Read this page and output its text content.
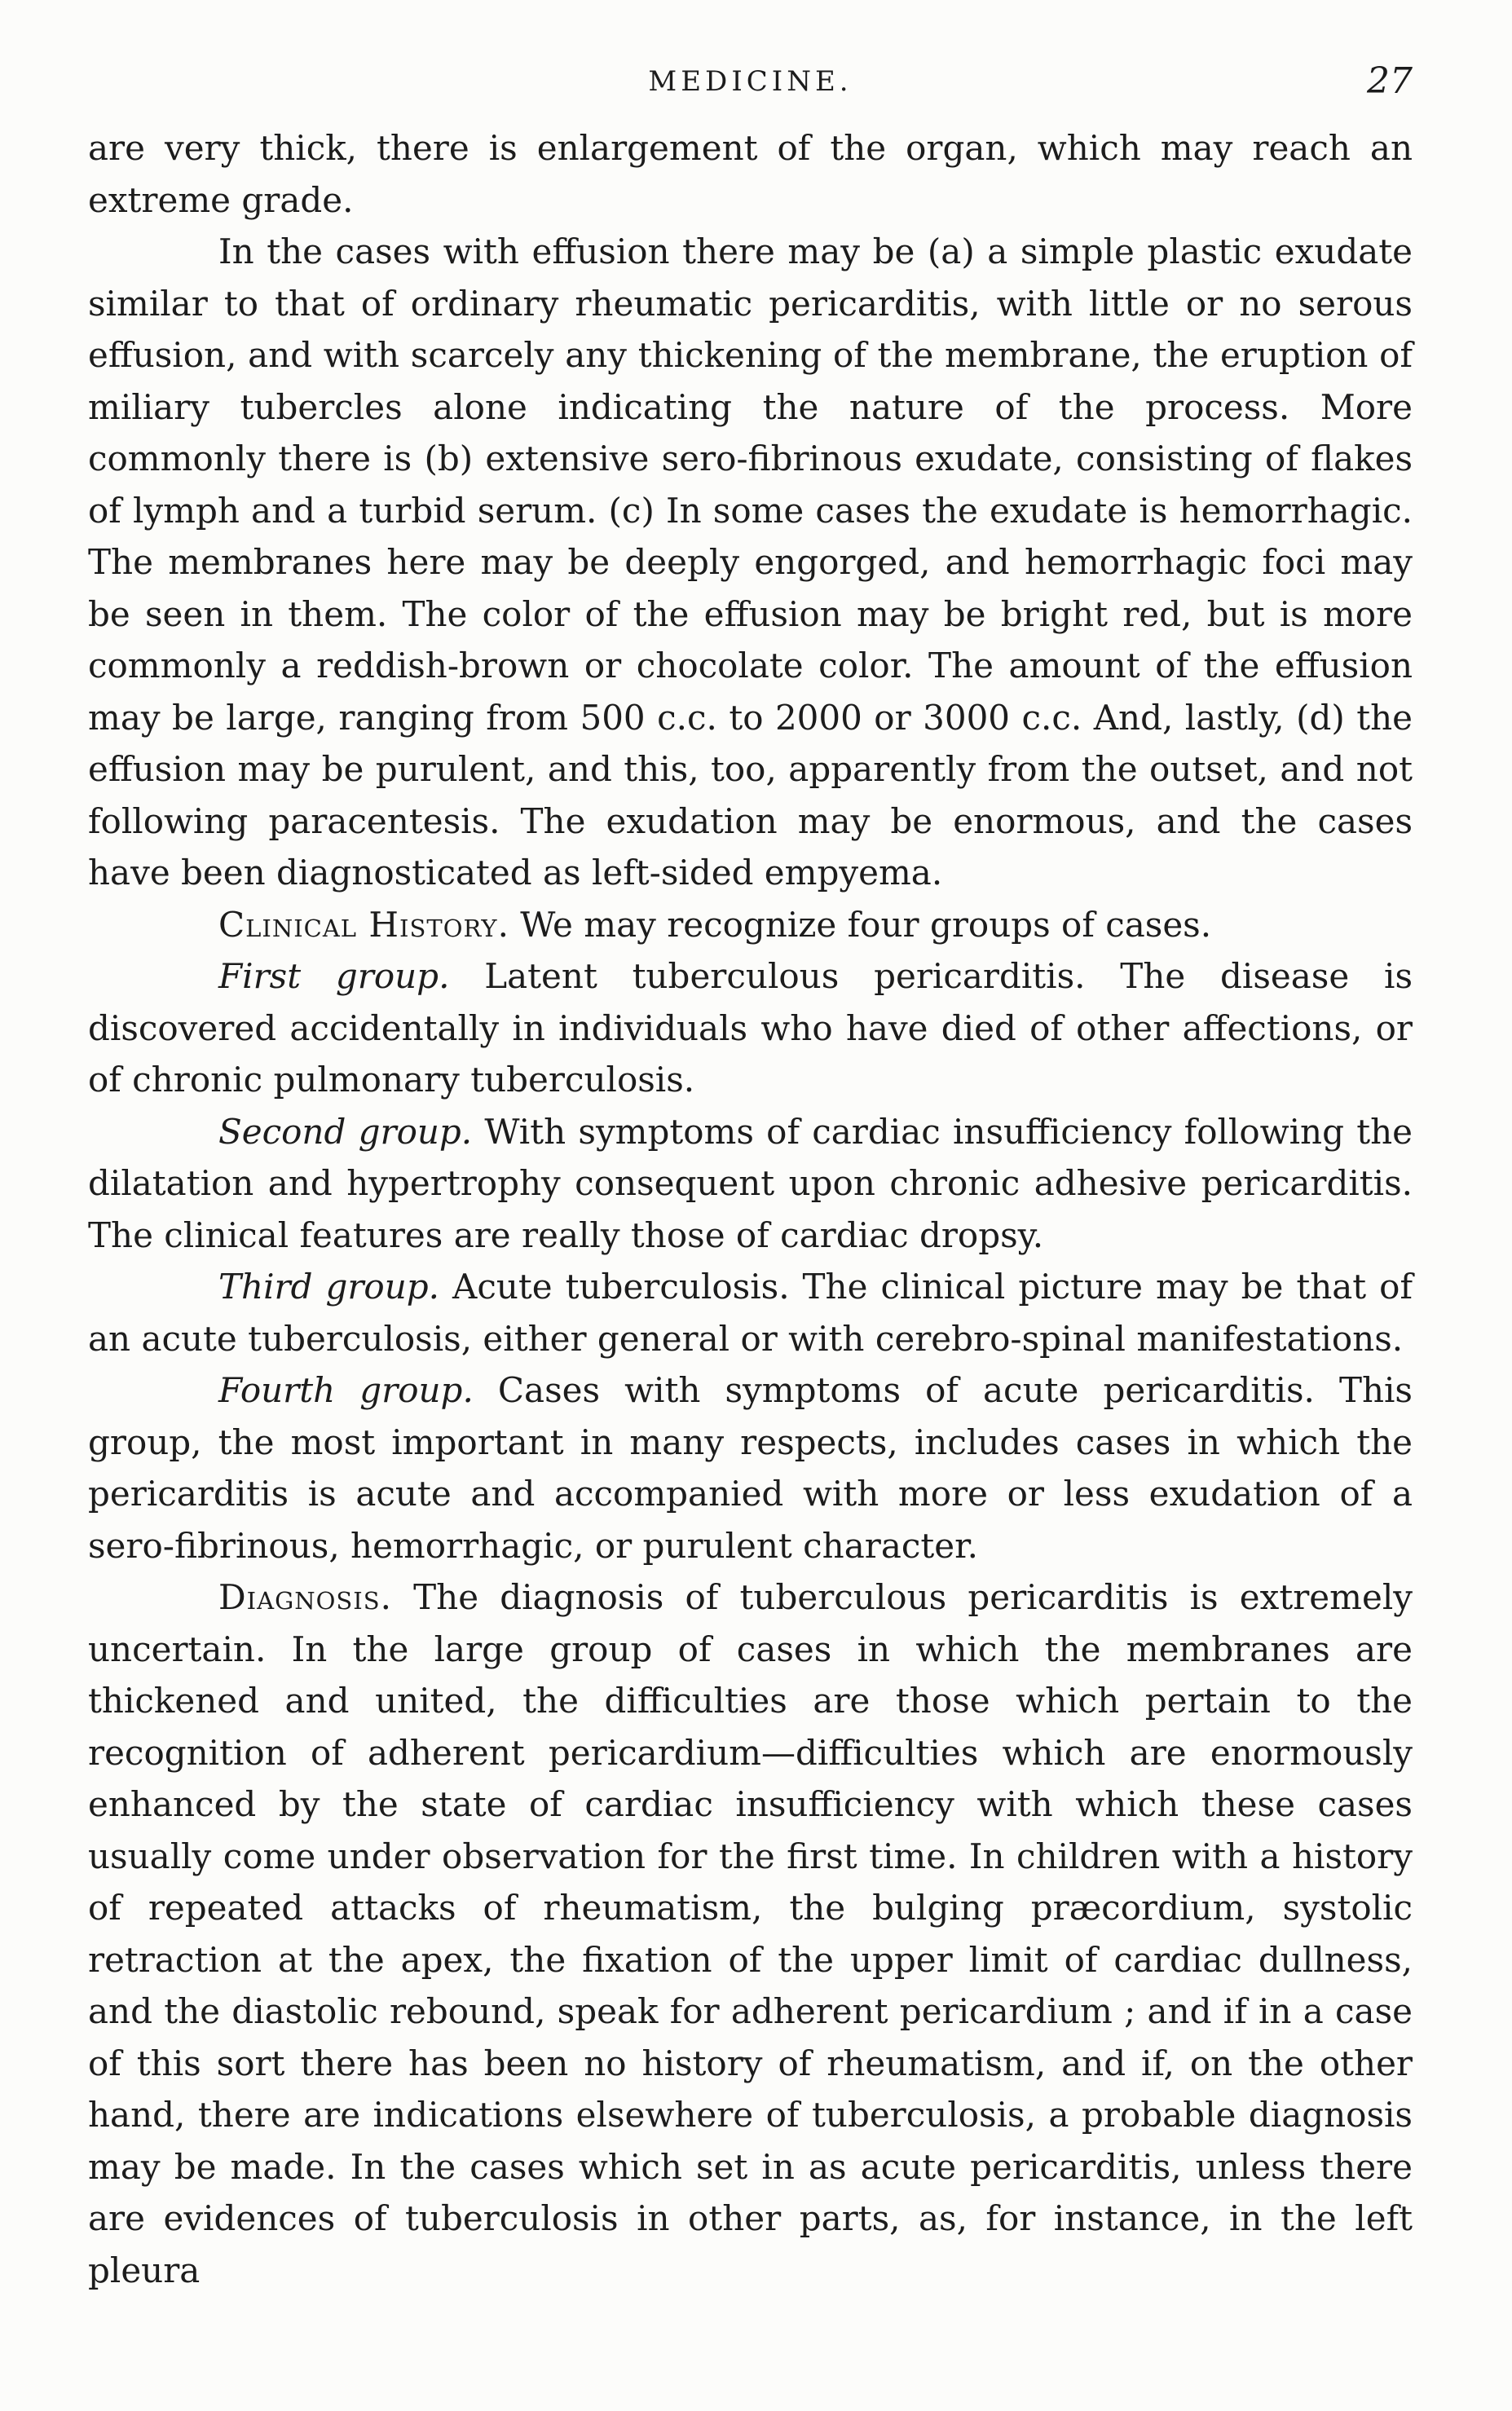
MEDICINE.	27

are very thick, there is enlargement of the organ, which may reach an extreme grade.

In the cases with effusion there may be (a) a simple plastic exudate similar to that of ordinary rheumatic pericarditis, with little or no serous effusion, and with scarcely any thickening of the membrane, the eruption of miliary tubercles alone indicating the nature of the process. More commonly there is (b) extensive sero-fibrinous exudate, consisting of flakes of lymph and a turbid serum. (c) In some cases the exudate is hemorrhagic. The membranes here may be deeply engorged, and hemorrhagic foci may be seen in them. The color of the effusion may be bright red, but is more commonly a reddish-brown or chocolate color. The amount of the effusion may be large, ranging from 500 c.c. to 2000 or 3000 c.c. And, lastly, (d) the effusion may be purulent, and this, too, apparently from the outset, and not following paracentesis. The exudation may be enormous, and the cases have been diagnosticated as left-sided empyema.

Clinical History. We may recognize four groups of cases.

First group. Latent tuberculous pericarditis. The disease is discovered accidentally in individuals who have died of other affections, or of chronic pulmonary tuberculosis.

Second group. With symptoms of cardiac insufficiency following the dilatation and hypertrophy consequent upon chronic adhesive pericarditis. The clinical features are really those of cardiac dropsy.

Third group. Acute tuberculosis. The clinical picture may be that of an acute tuberculosis, either general or with cerebro-spinal manifestations.

Fourth group. Cases with symptoms of acute pericarditis. This group, the most important in many respects, includes cases in which the pericarditis is acute and accompanied with more or less exudation of a sero-fibrinous, hemorrhagic, or purulent character.

Diagnosis. The diagnosis of tuberculous pericarditis is extremely uncertain. In the large group of cases in which the membranes are thickened and united, the difficulties are those which pertain to the recognition of adherent pericardium—difficulties which are enormously enhanced by the state of cardiac insufficiency with which these cases usually come under observation for the first time. In children with a history of repeated attacks of rheumatism, the bulging præcordium, systolic retraction at the apex, the fixation of the upper limit of cardiac dullness, and the diastolic rebound, speak for adherent pericardium ; and if in a case of this sort there has been no history of rheumatism, and if, on the other hand, there are indications elsewhere of tuberculosis, a probable diagnosis may be made. In the cases which set in as acute pericarditis, unless there are evidences of tuberculosis in other parts, as, for instance, in the left pleura
